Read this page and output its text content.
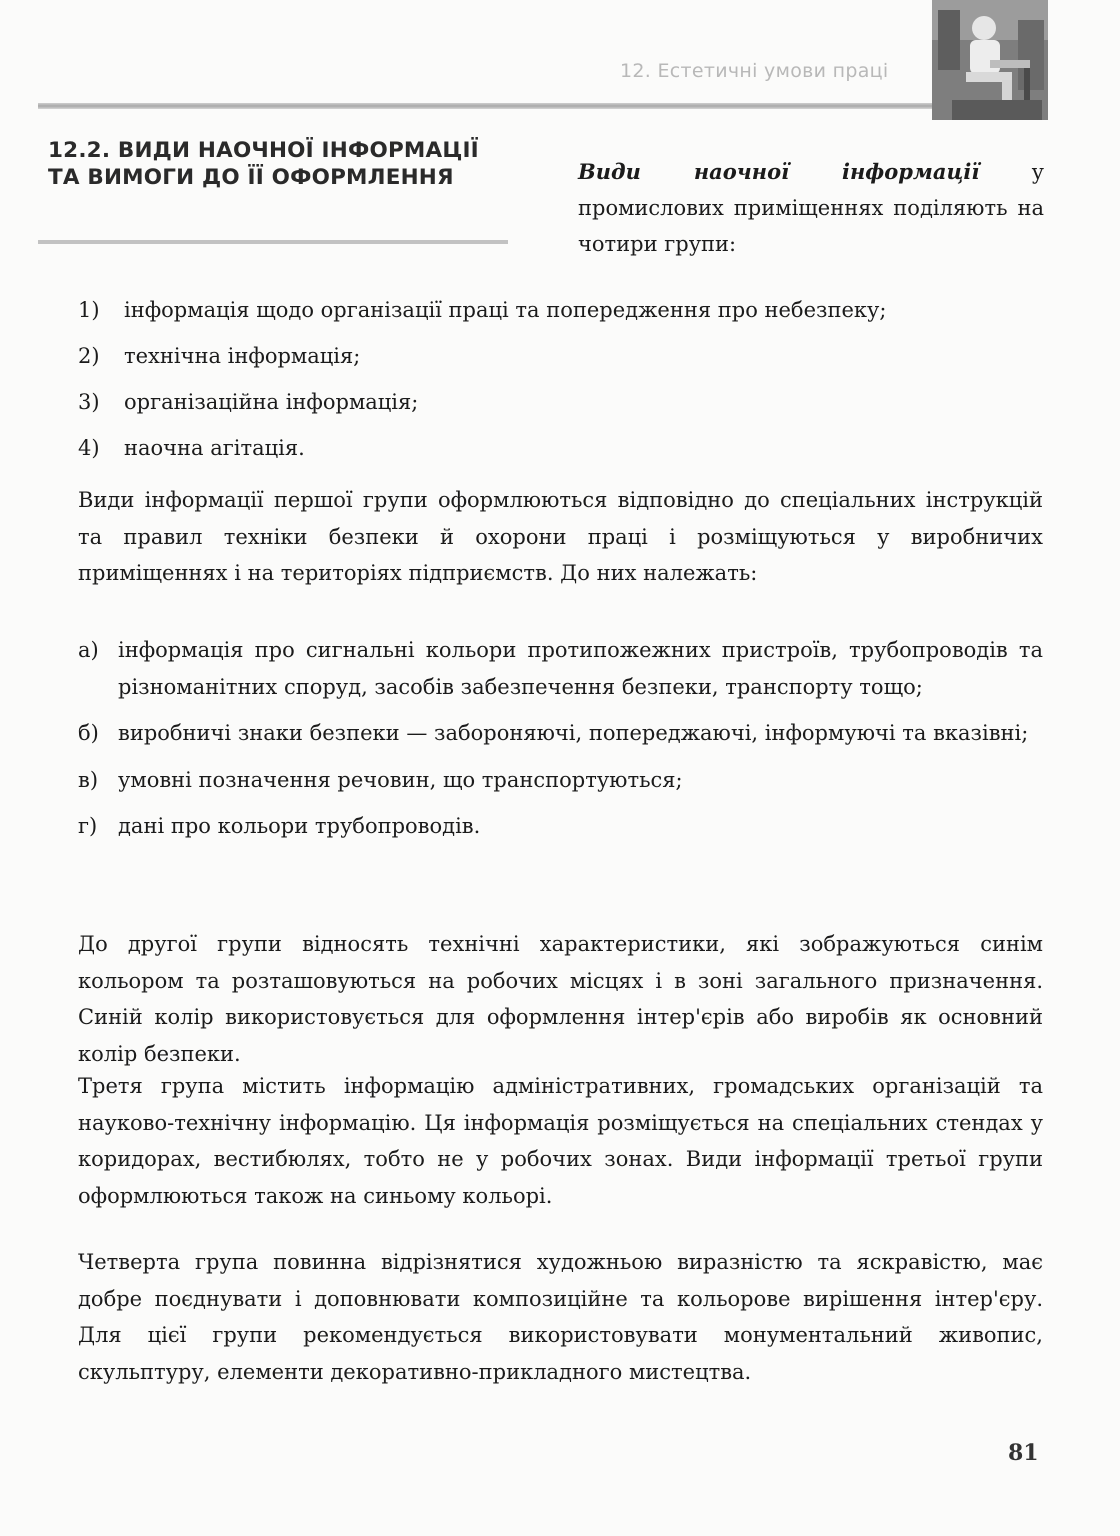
12. Естетичні умови праці
12.2. ВИДИ НАОЧНОЇ ІНФОРМАЦІЇ
ТА ВИМОГИ ДО ЇЇ ОФОРМЛЕННЯ	Види наочної інформації у промислових приміщеннях поділяють на чотири групи:

1) інформація щодо організації праці та попередження про небезпеку;
2) технічна інформація;
3) організаційна інформація;
4) наочна агітація.

Види інформації першої групи оформлюються відповідно до спеціальних інструкцій та правил техніки безпеки й охорони праці і розміщуються у виробничих приміщеннях і на територіях підприємств. До них належать:

а) інформація про сигнальні кольори протипожежних пристроїв, трубопроводів та різноманітних споруд, засобів забезпечення безпеки, транспорту тощо;
б) виробничі знаки безпеки — забороняючі, попереджаючі, інформуючі та вказівні;
в) умовні позначення речовин, що транспортуються;
г) дані про кольори трубопроводів.

До другої групи відносять технічні характеристики, які зображуються синім кольором та розташовуються на робочих місцях і в зоні загального призначення. Синій колір використовується для оформлення інтер'єрів або виробів як основний колір безпеки.

Третя група містить інформацію адміністративних, громадських організацій та науково-технічну інформацію. Ця інформація розміщується на спеціальних стендах у коридорах, вестибюлях, тобто не у робочих зонах. Види інформації третьої групи оформлюються також на синьому кольорі.

Четверта група повинна відрізнятися художньою виразністю та яскравістю, має добре поєднувати і доповнювати композиційне та кольорове вирішення інтер'єру. Для цієї групи рекомендується використовувати монументальний живопис, скульптуру, елементи декоративно-прикладного мистецтва.

81
